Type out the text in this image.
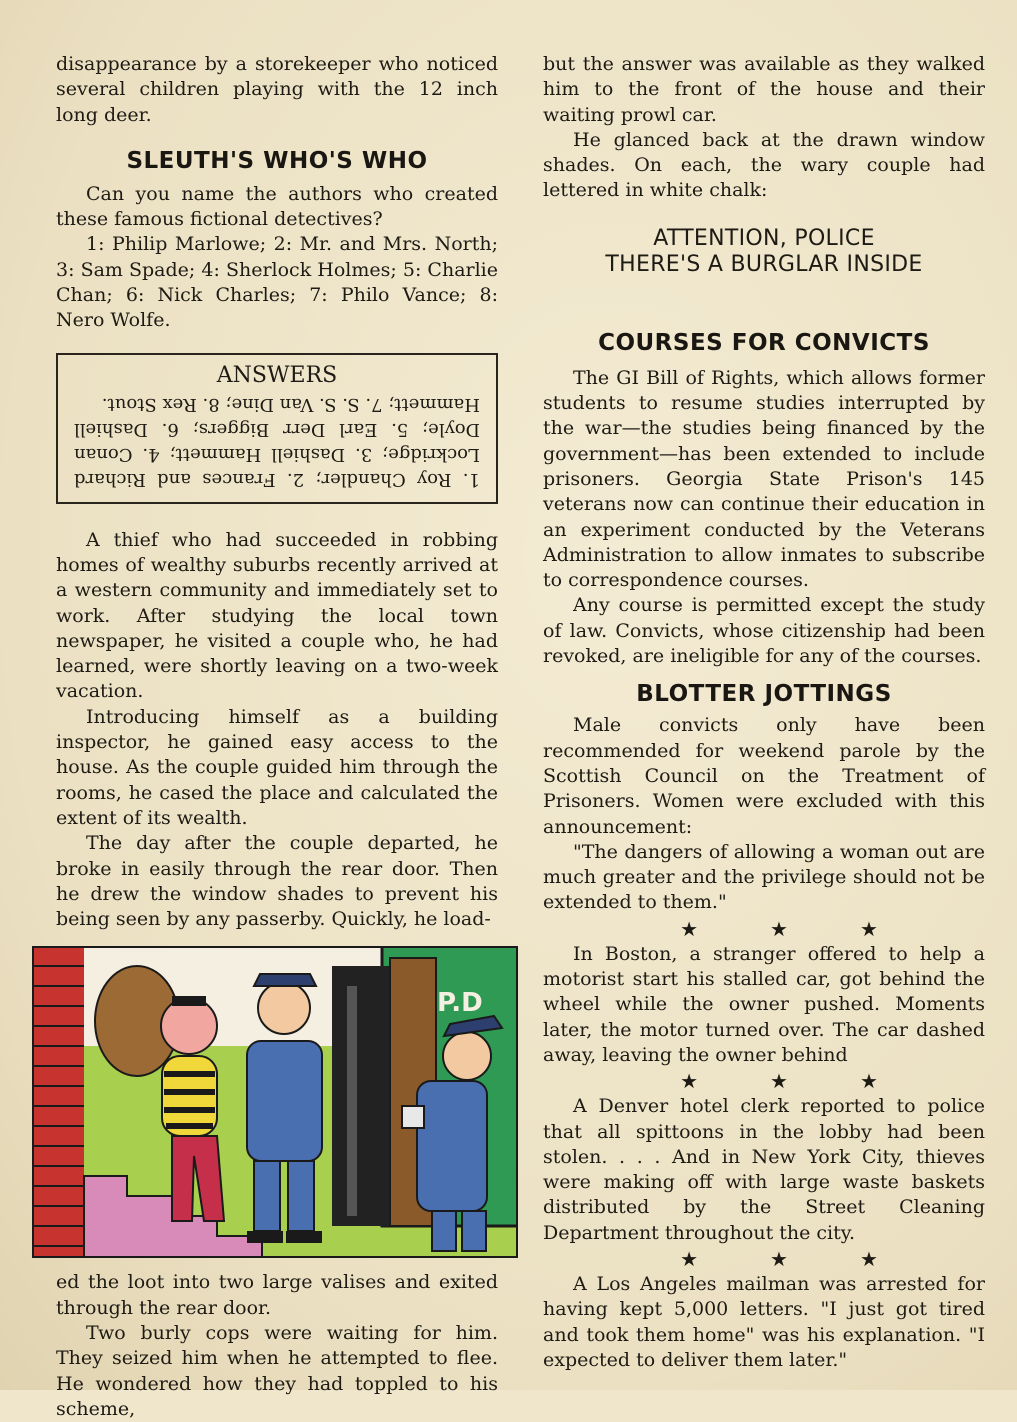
disappearance by a storekeeper who noticed several children playing with the 12 inch long deer.

SLEUTH'S WHO'S WHO

Can you name the authors who created these famous fictional detectives?

1: Philip Marlowe; 2: Mr. and Mrs. North; 3: Sam Spade; 4: Sherlock Holmes; 5: Charlie Chan; 6: Nick Charles; 7: Philo Vance; 8: Nero Wolfe.

ANSWERS
1. Roy Chandler; 2. Frances and Richard Lockridge; 3. Dashiell Hammett; 4. Conan Doyle; 5. Earl Derr Biggers; 6. Dashiell Hammett; 7. S. S. Van Dine; 8. Rex Stout.

A thief who had succeeded in robbing homes of wealthy suburbs recently arrived at a western community and immediately set to work. After studying the local town newspaper, he visited a couple who, he had learned, were shortly leaving on a two-week vacation.

Introducing himself as a building inspector, he gained easy access to the house. As the couple guided him through the rooms, he cased the place and calculated the extent of its wealth.

The day after the couple departed, he broke in easily through the rear door. Then he drew the window shades to prevent his being seen by any passerby. Quickly, he load-

P.D

ed the loot into two large valises and exited through the rear door.

Two burly cops were waiting for him. They seized him when he attempted to flee. He wondered how they had toppled to his scheme,

but the answer was available as they walked him to the front of the house and their waiting prowl car.

He glanced back at the drawn window shades. On each, the wary couple had lettered in white chalk:

ATTENTION, POLICE
THERE'S A BURGLAR INSIDE
COURSES FOR CONVICTS

The GI Bill of Rights, which allows former students to resume studies interrupted by the war—the studies being financed by the government—has been extended to include prisoners. Georgia State Prison's 145 veterans now can continue their education in an experiment conducted by the Veterans Administration to allow inmates to subscribe to correspondence courses.

Any course is permitted except the study of law. Convicts, whose citizenship had been revoked, are ineligible for any of the courses.

BLOTTER JOTTINGS

Male convicts only have been recommended for weekend parole by the Scottish Council on the Treatment of Prisoners. Women were excluded with this announcement:

"The dangers of allowing a woman out are much greater and the privilege should not be extended to them."

★	★	★

In Boston, a stranger offered to help a motorist start his stalled car, got behind the wheel while the owner pushed. Moments later, the motor turned over. The car dashed away, leaving the owner behind

★	★	★

A Denver hotel clerk reported to police that all spittoons in the lobby had been stolen. . . . And in New York City, thieves were making off with large waste baskets distributed by the Street Cleaning Department throughout the city.

★	★	★

A Los Angeles mailman was arrested for having kept 5,000 letters. "I just got tired and took them home" was his explanation. "I expected to deliver them later."
